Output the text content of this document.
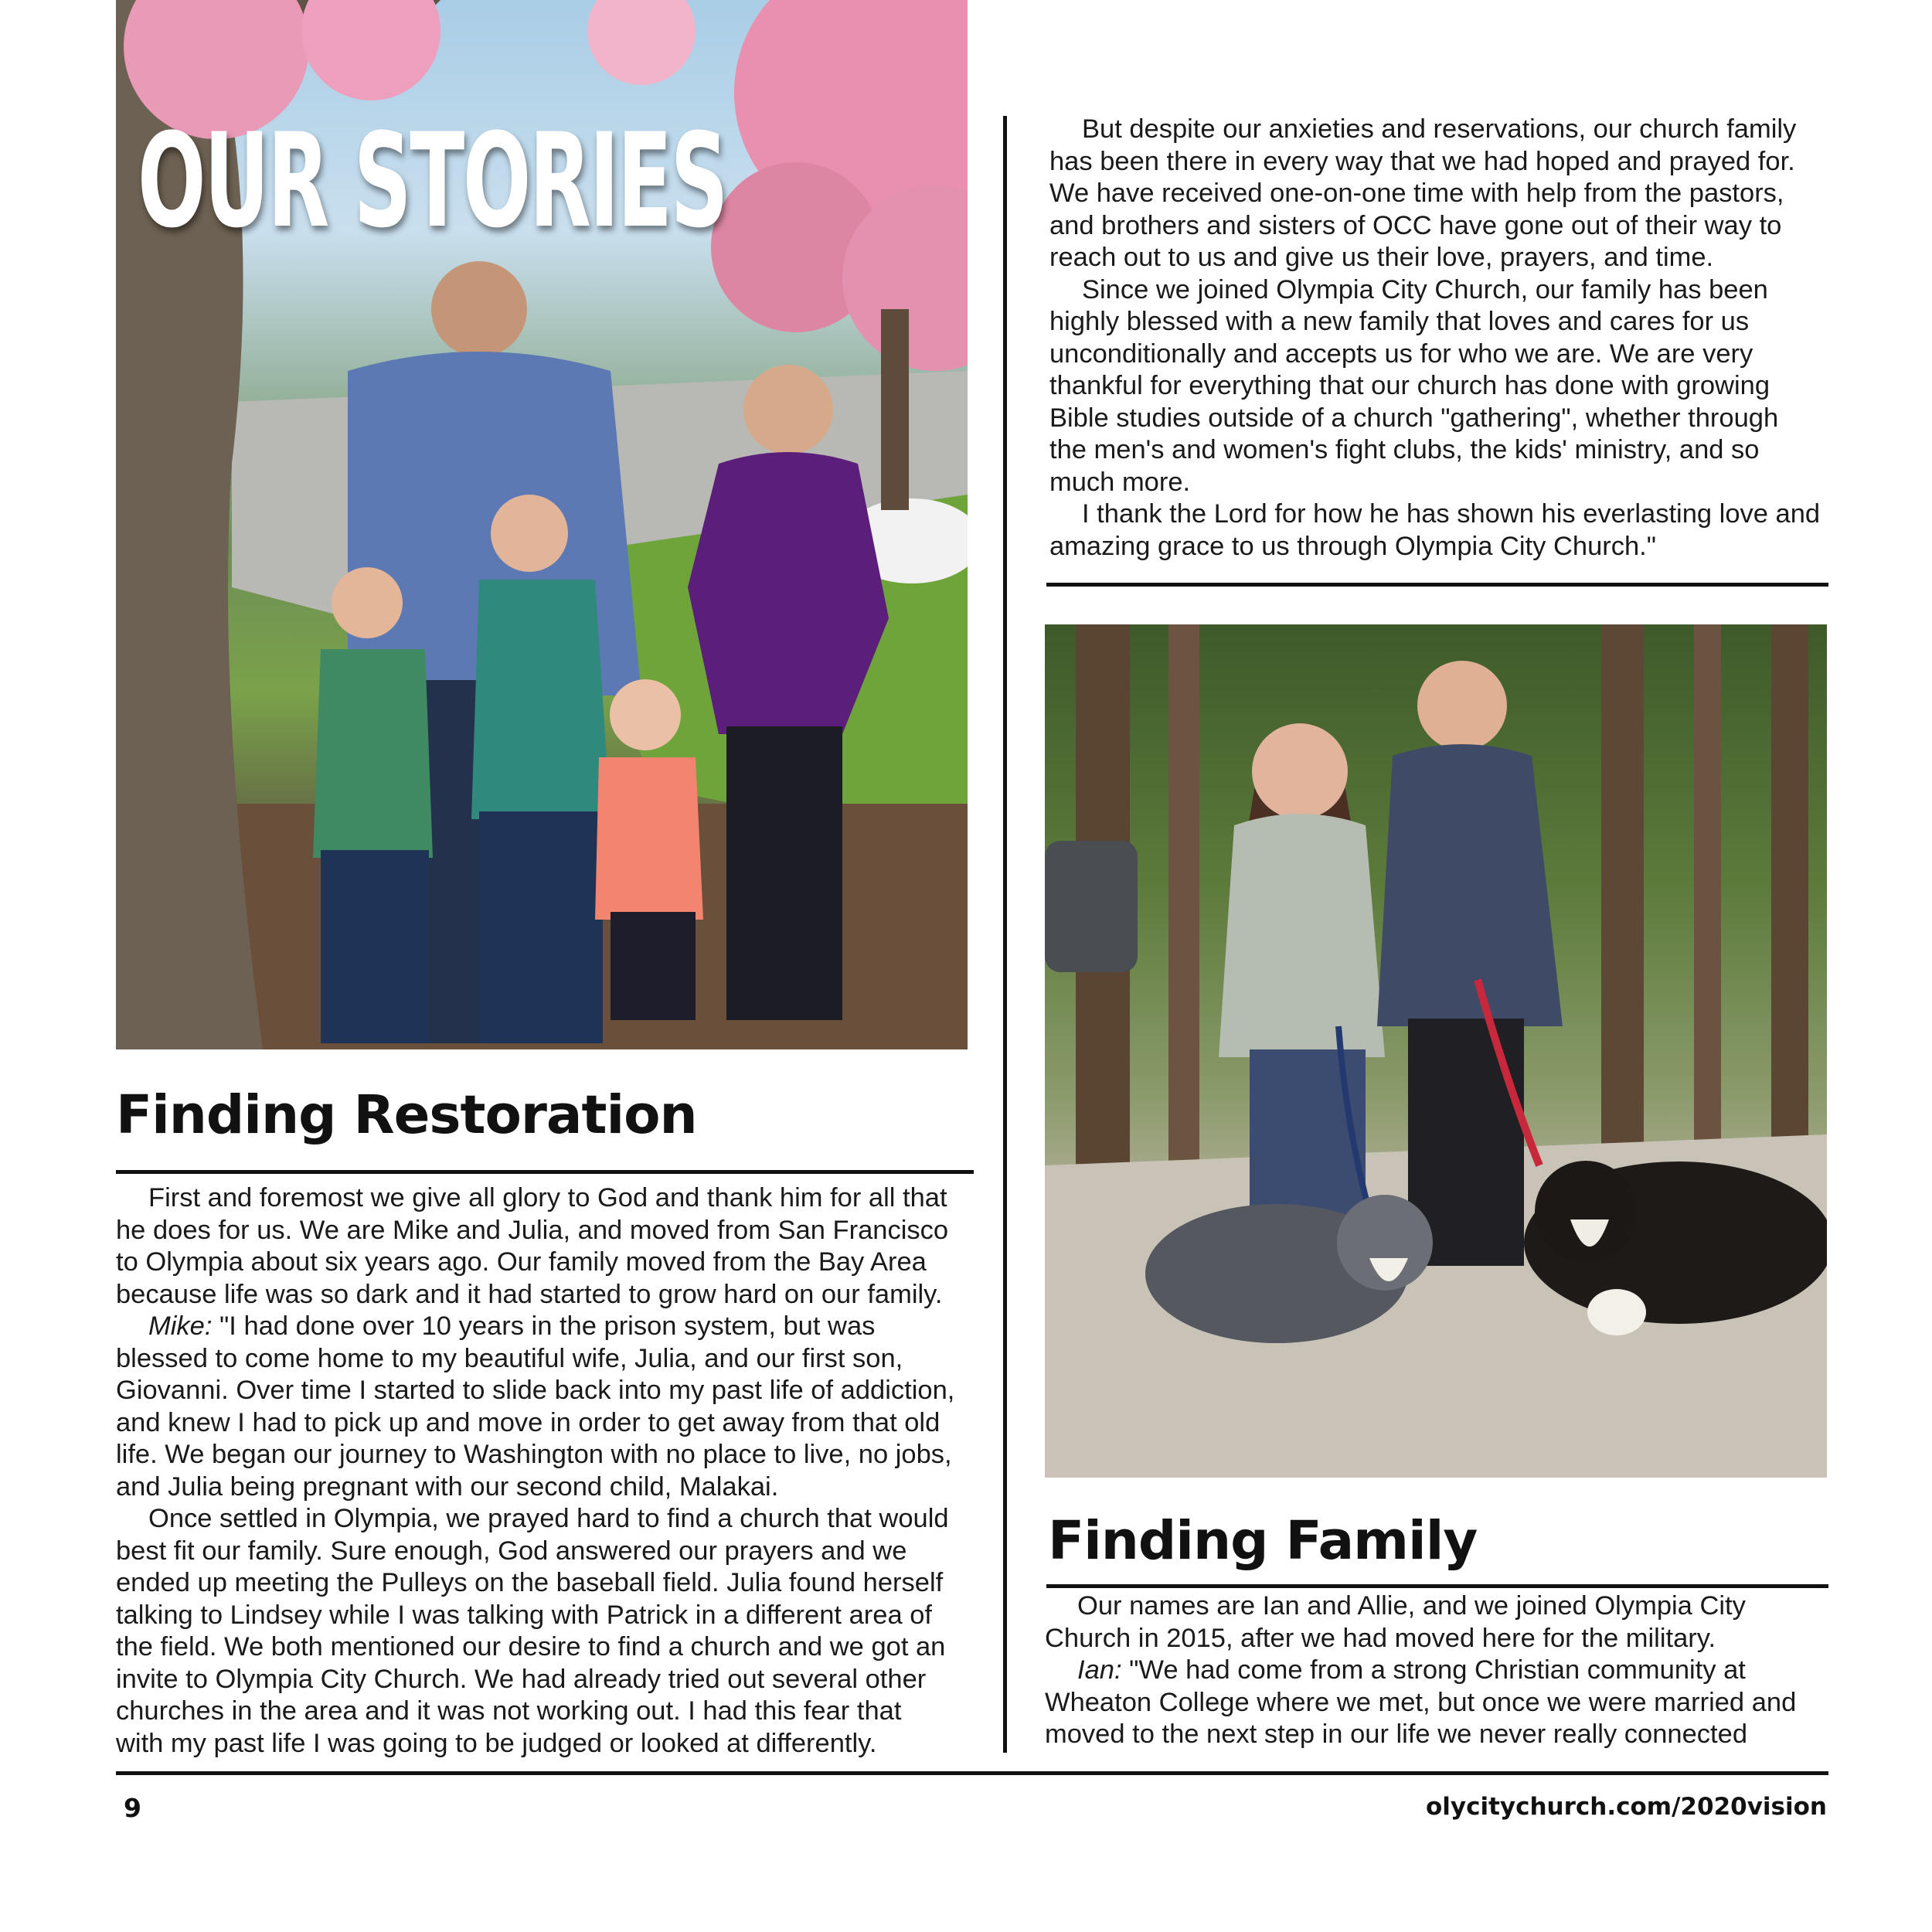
OUR STORIES
Finding Restoration

First and foremost we give all glory to God and thank him for all that
he does for us. We are Mike and Julia, and moved from San Francisco
to Olympia about six years ago. Our family moved from the Bay Area
because life was so dark and it had started to grow hard on our family.

Mike: "I had done over 10 years in the prison system, but was
blessed to come home to my beautiful wife, Julia, and our first son,
Giovanni. Over time I started to slide back into my past life of addiction,
and knew I had to pick up and move in order to get away from that old
life. We began our journey to Washington with no place to live, no jobs,
and Julia being pregnant with our second child, Malakai.

Once settled in Olympia, we prayed hard to find a church that would
best fit our family. Sure enough, God answered our prayers and we
ended up meeting the Pulleys on the baseball field. Julia found herself
talking to Lindsey while I was talking with Patrick in a different area of
the field. We both mentioned our desire to find a church and we got an
invite to Olympia City Church. We had already tried out several other
churches in the area and it was not working out. I had this fear that
with my past life I was going to be judged or looked at differently.

But despite our anxieties and reservations, our church family
has been there in every way that we had hoped and prayed for.
We have received one-on-one time with help from the pastors,
and brothers and sisters of OCC have gone out of their way to
reach out to us and give us their love, prayers, and time.

Since we joined Olympia City Church, our family has been
highly blessed with a new family that loves and cares for us
unconditionally and accepts us for who we are. We are very
thankful for everything that our church has done with growing
Bible studies outside of a church "gathering", whether through
the men's and women's fight clubs, the kids' ministry, and so
much more.

I thank the Lord for how he has shown his everlasting love and
amazing grace to us through Olympia City Church."

Finding Family

Our names are Ian and Allie, and we joined Olympia City
Church in 2015, after we had moved here for the military.

Ian: "We had come from a strong Christian community at
Wheaton College where we met, but once we were married and
moved to the next step in our life we never really connected

9	olycitychurch.com/2020vision
